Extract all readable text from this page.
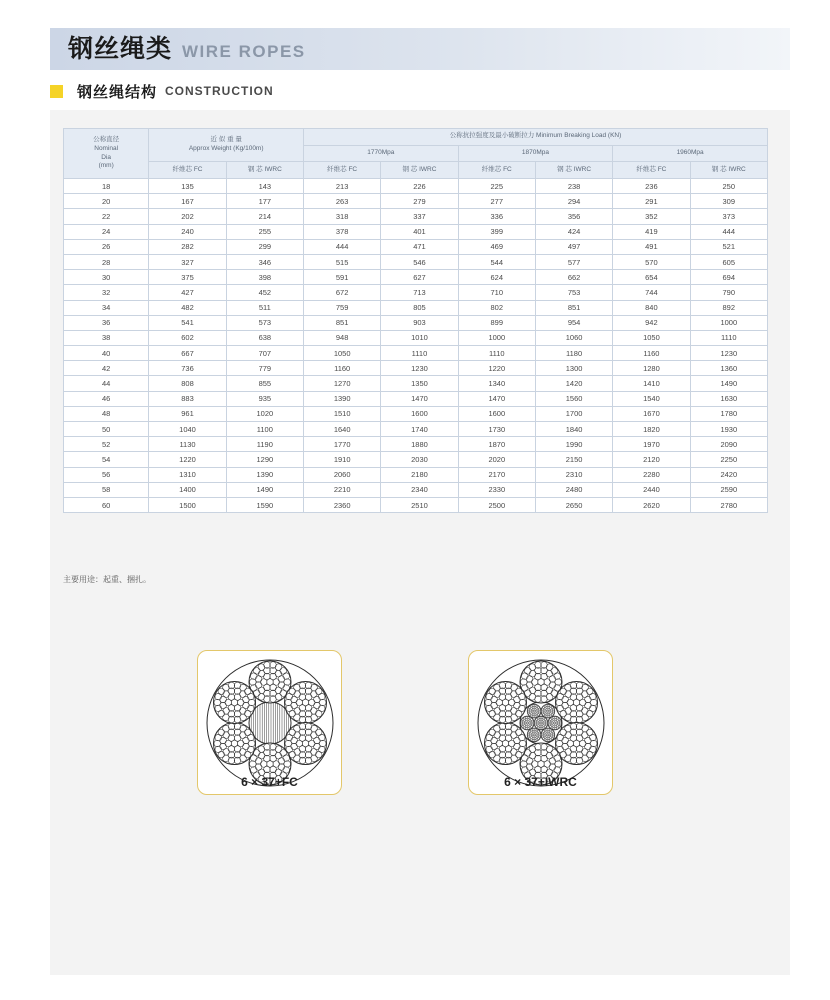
钢丝绳类 WIRE ROPES
钢丝绳结构 CONSTRUCTION
公称直径
Nominal
Dia
(mm)	近 似 重 量
Approx Weight (Kg/100m)		公称抗拉强度及最小破断拉力 Minimum Breaking Load (KN)					
			1770Mpa		1870Mpa		1960Mpa	
	纤维芯 FC	钢 芯 IWRC	纤维芯 FC	钢 芯 IWRC	纤维芯 FC	钢 芯 IWRC	纤维芯 FC	钢 芯 IWRC
18	135	143	213	226	225	238	236	250
20	167	177	263	279	277	294	291	309
22	202	214	318	337	336	356	352	373
24	240	255	378	401	399	424	419	444
26	282	299	444	471	469	497	491	521
28	327	346	515	546	544	577	570	605
30	375	398	591	627	624	662	654	694
32	427	452	672	713	710	753	744	790
34	482	511	759	805	802	851	840	892
36	541	573	851	903	899	954	942	1000
38	602	638	948	1010	1000	1060	1050	1110
40	667	707	1050	1110	1110	1180	1160	1230
42	736	779	1160	1230	1220	1300	1280	1360
44	808	855	1270	1350	1340	1420	1410	1490
46	883	935	1390	1470	1470	1560	1540	1630
48	961	1020	1510	1600	1600	1700	1670	1780
50	1040	1100	1640	1740	1730	1840	1820	1930
52	1130	1190	1770	1880	1870	1990	1970	2090
54	1220	1290	1910	2030	2020	2150	2120	2250
56	1310	1390	2060	2180	2170	2310	2280	2420
58	1400	1490	2210	2340	2330	2480	2440	2590
60	1500	1590	2360	2510	2500	2650	2620	2780
主要用途：起重、捆扎。
6 × 37+FC	6 × 37+IWRC
